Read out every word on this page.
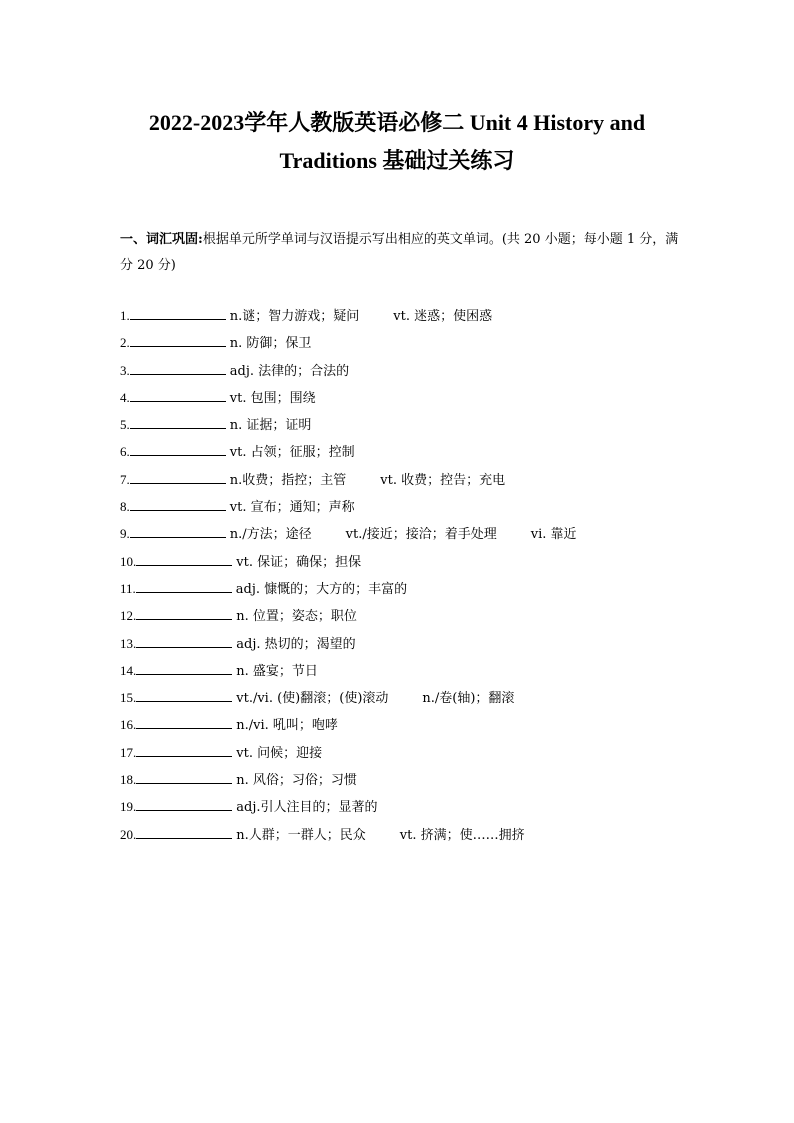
2022-2023学年人教版英语必修二 Unit 4 History and
Traditions 基础过关练习
一、词汇巩固:根据单元所学单词与汉语提示写出相应的英文单词。(共 20 小题；每小题 1 分，满分 20 分)
1.	n.谜；智力游戏；疑问	vt. 迷惑；使困惑
2.	n. 防御；保卫
3.	adj. 法律的；合法的
4.	vt. 包围；围绕
5.	n. 证据；证明
6.	vt. 占领；征服；控制
7.	n.收费；指控；主管	vt. 收费；控告；充电
8.	vt. 宣布；通知；声称
9.	n./方法；途径	vt./接近；接洽；着手处理	vi. 靠近
10.	vt. 保证；确保；担保
11.	adj. 慷慨的；大方的；丰富的
12.	n. 位置；姿态；职位
13.	adj. 热切的；渴望的
14.	n. 盛宴；节日
15.	vt./vi. (使)翻滚；(使)滚动	n./卷(轴)；翻滚
16.	n./vi. 吼叫；咆哮
17.	vt. 问候；迎接
18.	n. 风俗；习俗；习惯
19.	adj.引人注目的；显著的
20.	n.人群；一群人；民众	vt. 挤满；使……拥挤
